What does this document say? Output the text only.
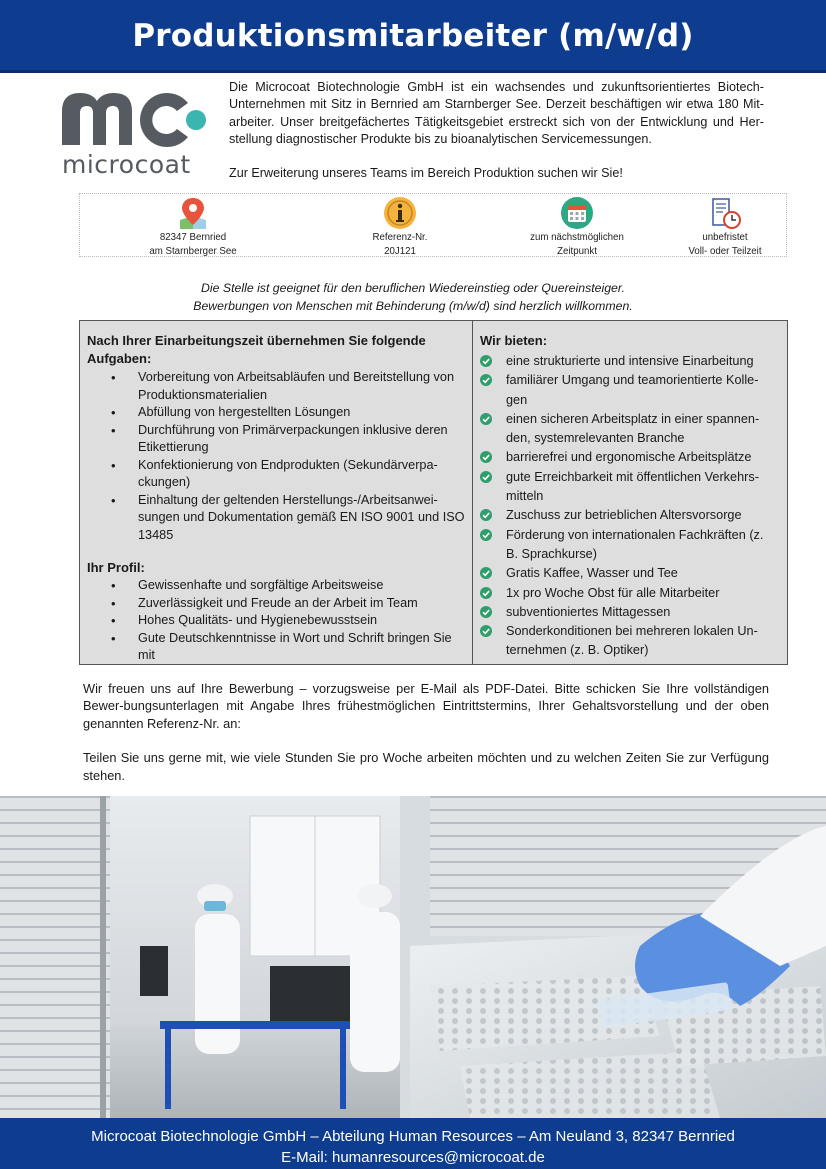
Produktionsmitarbeiter (m/w/d)
microcoat

Die Microcoat Biotechnologie GmbH ist ein wachsendes und zukunftsorientiertes Biotech-Unternehmen mit Sitz in Bernried am Starnberger See. Derzeit beschäftigen wir etwa 180 Mit-arbeiter. Unser breitgefächertes Tätigkeitsgebiet erstreckt sich von der Entwicklung und Her-stellung diagnostischer Produkte bis zu bioanalytischen Servicemessungen.

Zur Erweiterung unseres Teams im Bereich Produktion suchen wir Sie!

82347 Bernried
am Starnberger See
Referenz-Nr.
20J121
zum nächstmöglichen
Zeitpunkt
unbefristet
Voll- oder Teilzeit
Die Stelle ist geeignet für den beruflichen Wiedereinstieg oder Quereinsteiger.
Bewerbungen von Menschen mit Behinderung (m/w/d) sind herzlich willkommen.
Nach Ihrer Einarbeitungszeit übernehmen Sie folgende Aufgaben:
• Vorbereitung von Arbeitsabläufen und Bereitstellung von Produktionsmaterialien
• Abfüllung von hergestellten Lösungen
• Durchführung von Primärverpackungen inklusive deren Etikettierung
• Konfektionierung von Endprodukten (Sekundärverpa-ckungen)
• Einhaltung der geltenden Herstellungs-/Arbeitsanwei-sungen und Dokumentation gemäß EN ISO 9001 und ISO 13485
Ihr Profil:
• Gewissenhafte und sorgfältige Arbeitsweise
• Zuverlässigkeit und Freude an der Arbeit im Team
• Hohes Qualitäts- und Hygienebewusstsein
• Gute Deutschkenntnisse in Wort und Schrift bringen Sie mit
Wir bieten:
eine strukturierte und intensive Einarbeitung
familiärer Umgang und teamorientierte Kolle-gen
einen sicheren Arbeitsplatz in einer spannen-den, systemrelevanten Branche
barrierefrei und ergonomische Arbeitsplätze
gute Erreichbarkeit mit öffentlichen Verkehrs-mitteln
Zuschuss zur betrieblichen Altersvorsorge
Förderung von internationalen Fachkräften (z. B. Sprachkurse)
Gratis Kaffee, Wasser und Tee
1x pro Woche Obst für alle Mitarbeiter
subventioniertes Mittagessen
Sonderkonditionen bei mehreren lokalen Un-ternehmen (z. B. Optiker)

Wir freuen uns auf Ihre Bewerbung – vorzugsweise per E-Mail als PDF-Datei. Bitte schicken Sie Ihre vollständigen Bewer-bungsunterlagen mit Angabe Ihres frühestmöglichen Eintrittstermins, Ihrer Gehaltsvorstellung und der oben genannten Referenz-Nr. an:

Teilen Sie uns gerne mit, wie viele Stunden Sie pro Woche arbeiten möchten und zu welchen Zeiten Sie zur Verfügung stehen.

Microcoat Biotechnologie GmbH – Abteilung Human Resources – Am Neuland 3, 82347 Bernried
E-Mail: humanresources@microcoat.de
